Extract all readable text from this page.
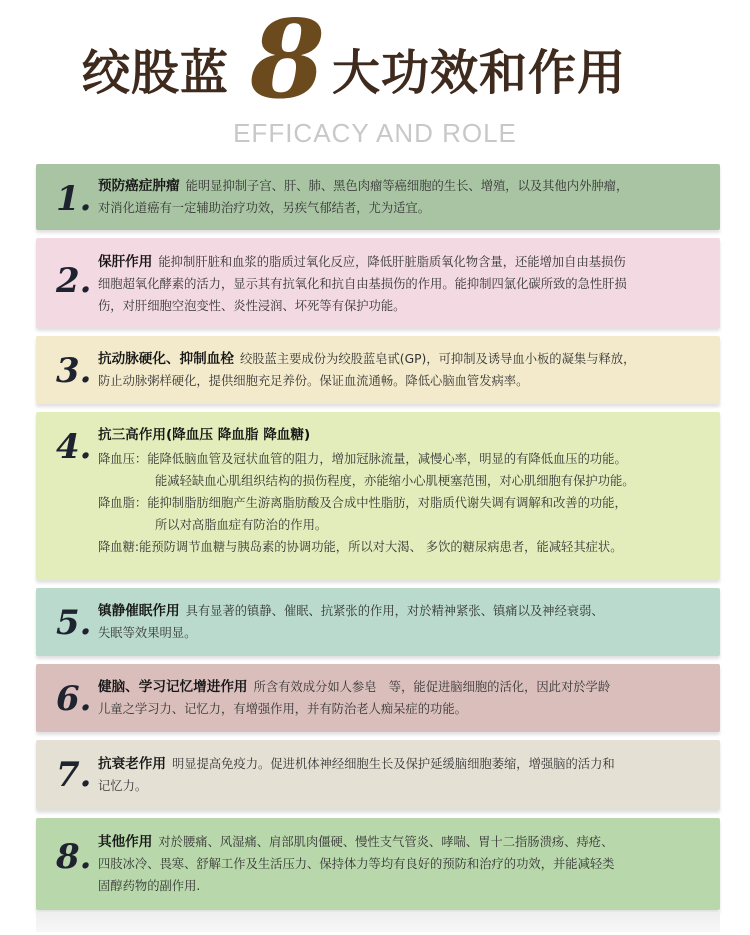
绞股蓝 8 大功效和作用
EFFICACY AND ROLE
1. 预防癌症肿瘤 能明显抑制子宫、肝、肺、黑色肉瘤等癌细胞的生长、增殖，以及其他内外肿瘤，
对消化道癌有一定辅助治疗功效，另疾气郁结者，尤为适宜。
2. 保肝作用 能抑制肝脏和血浆的脂质过氧化反应，降低肝脏脂质氧化物含量，还能增加自由基损伤
细胞超氧化酵素的活力，显示其有抗氧化和抗自由基损伤的作用。能抑制四氯化碳所致的急性肝损
伤，对肝细胞空泡变性、炎性浸润、坏死等有保护功能。
3. 抗动脉硬化、抑制血栓 绞股蓝主要成份为绞股蓝皂甙(GP)，可抑制及诱导血小板的凝集与释放，
防止动脉粥样硬化，提供细胞充足养份。保证血流通畅。降低心脑血管发病率。
4. 抗三高作用(降血压 降血脂 降血糖)
降血压：能降低脑血管及冠状血管的阻力，增加冠脉流量，减慢心率，明显的有降低血压的功能。
能减轻缺血心肌组织结构的损伤程度，亦能缩小心肌梗塞范围，对心肌细胞有保护功能。
降血脂：能抑制脂肪细胞产生游离脂肪酸及合成中性脂肪，对脂质代谢失调有调解和改善的功能，
所以对高脂血症有防治的作用。
降血糖:能预防调节血糖与胰岛素的协调功能，所以对大渴、 多饮的糖尿病患者，能减轻其症状。
5. 镇静催眠作用 具有显著的镇静、催眠、抗紧张的作用，对於精神紧张、镇痛以及神经衰弱、
失眠等效果明显。
6. 健脑、学习记忆增进作用 所含有效成分如人参皂　等，能促进脑细胞的活化，因此对於学龄
儿童之学习力、记忆力，有增强作用，并有防治老人痴呆症的功能。
7. 抗衰老作用 明显提高免疫力。促进机体神经细胞生长及保护延缓脑细胞萎缩，增强脑的活力和
记忆力。
8. 其他作用 对於腰痛、风湿痛、肩部肌肉僵硬、慢性支气管炎、哮喘、胃十二指肠溃疡、痔疮、
四肢冰冷、畏寒、舒解工作及生活压力、保持体力等均有良好的预防和治疗的功效，并能减轻类
固醇药物的副作用.
